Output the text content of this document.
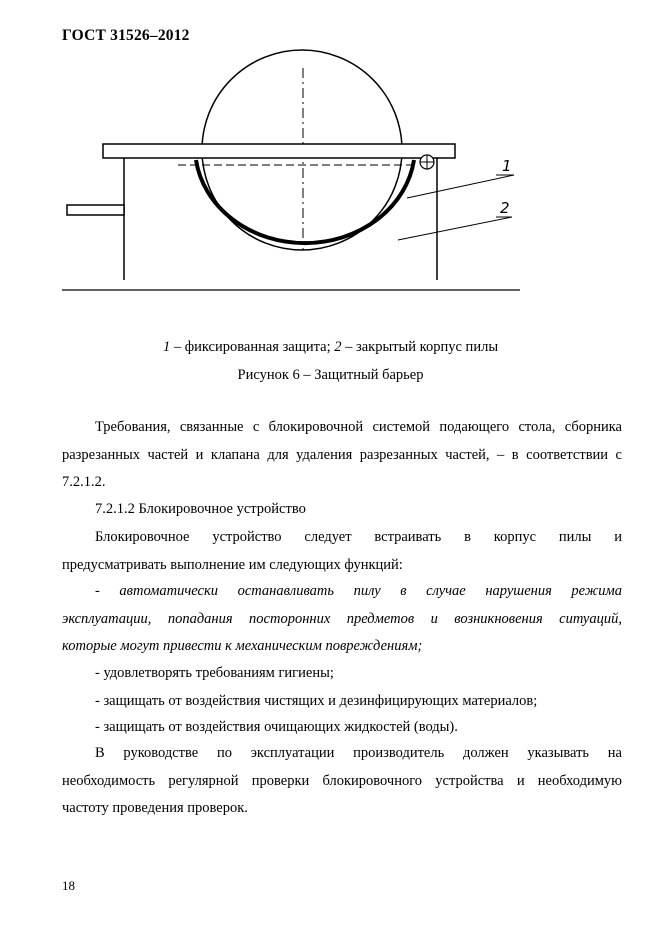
ГОСТ 31526–2012
1
2
1 – фиксированная защита; 2 – закрытый корпус пилы
Рисунок 6 – Защитный барьер
Требования, связанные с блокировочной системой подающего стола, сборника
разрезанных частей и клапана для удаления разрезанных частей, – в соответствии с
7.2.1.2.
7.2.1.2 Блокировочное устройство
Блокировочное устройство следует встраивать в корпус пилы и
предусматривать выполнение им следующих функций:
- автоматически останавливать пилу в случае нарушения режима
эксплуатации, попадания посторонних предметов и возникновения ситуаций,
которые могут привести к механическим повреждениям;
- удовлетворять требованиям гигиены;
- защищать от воздействия чистящих и дезинфицирующих материалов;
- защищать от воздействия очищающих жидкостей (воды).
В руководстве по эксплуатации производитель должен указывать на
необходимость регулярной проверки блокировочного устройства и необходимую
частоту проведения проверок.
18
